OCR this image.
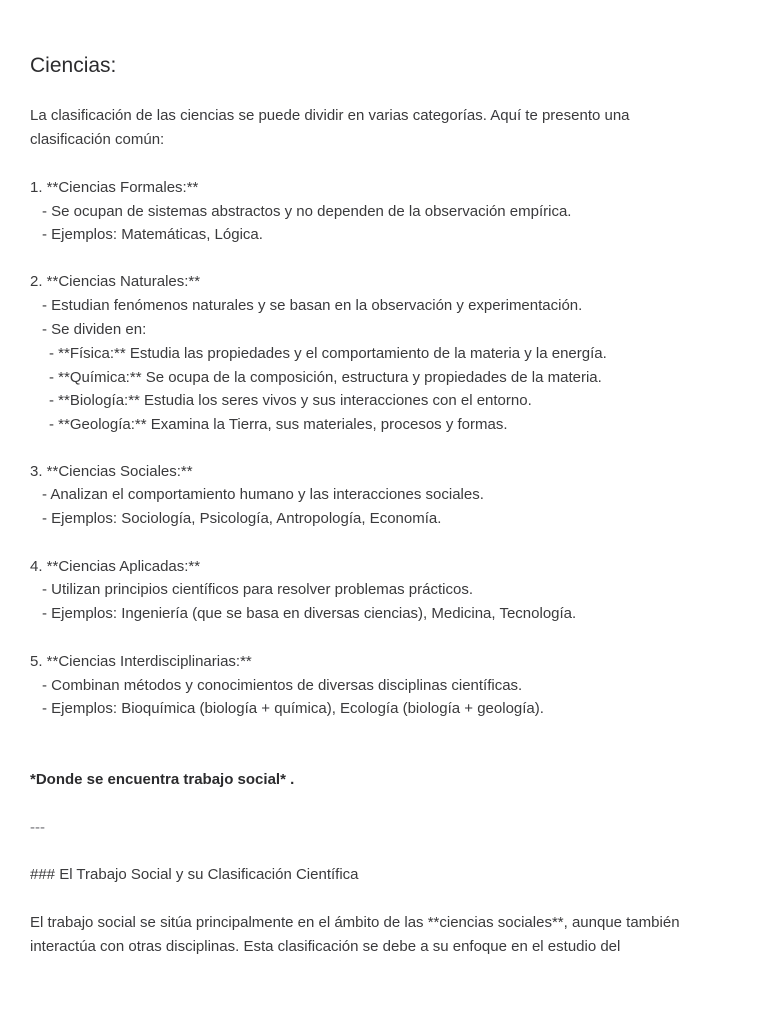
Ciencias:
La clasificación de las ciencias se puede dividir en varias categorías. Aquí te presento una
clasificación común:
1. **Ciencias Formales:**
- Se ocupan de sistemas abstractos y no dependen de la observación empírica.
- Ejemplos: Matemáticas, Lógica.
2. **Ciencias Naturales:**
- Estudian fenómenos naturales y se basan en la observación y experimentación.
- Se dividen en:
- **Física:** Estudia las propiedades y el comportamiento de la materia y la energía.
- **Química:** Se ocupa de la composición, estructura y propiedades de la materia.
- **Biología:** Estudia los seres vivos y sus interacciones con el entorno.
- **Geología:** Examina la Tierra, sus materiales, procesos y formas.
3. **Ciencias Sociales:**
- Analizan el comportamiento humano y las interacciones sociales.
- Ejemplos: Sociología, Psicología, Antropología, Economía.
4. **Ciencias Aplicadas:**
- Utilizan principios científicos para resolver problemas prácticos.
- Ejemplos: Ingeniería (que se basa en diversas ciencias), Medicina, Tecnología.
5. **Ciencias Interdisciplinarias:**
- Combinan métodos y conocimientos de diversas disciplinas científicas.
- Ejemplos: Bioquímica (biología + química), Ecología (biología + geología).
*Donde se encuentra trabajo social* .
---
### El Trabajo Social y su Clasificación Científica
El trabajo social se sitúa principalmente en el ámbito de las **ciencias sociales**, aunque también
interactúa con otras disciplinas. Esta clasificación se debe a su enfoque en el estudio del
